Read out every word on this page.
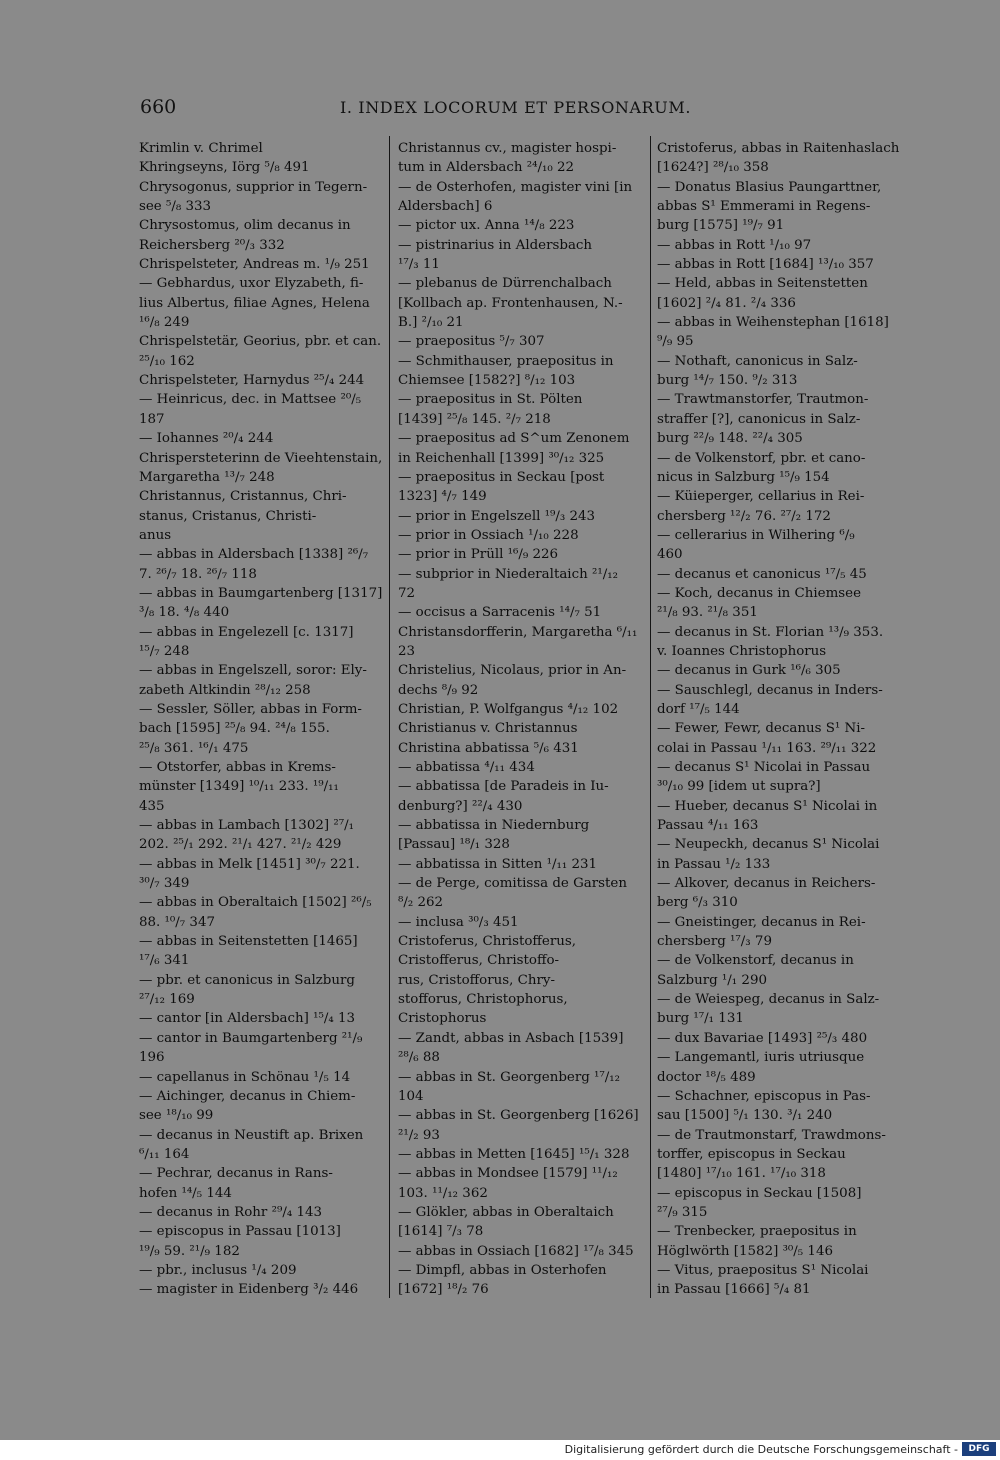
660	I. INDEX LOCORUM ET PERSONARUM.
Krimlin v. Chrimel
Khringseyns, Iörg ⁵/₈ 491
Chrysogonus, supprior in Tegern-
see ⁵/₈ 333
Chrysostomus, olim decanus in
Reichersberg ²⁰/₃ 332
Chrispelsteter, Andreas m. ¹/₉ 251
— Gebhardus, uxor Elyzabeth, fi-
lius Albertus, filiae Agnes, Helena
¹⁶/₈ 249
Chrispelstetär, Georius, pbr. et can.
²⁵/₁₀ 162
Chrispelsteter, Harnydus ²⁵/₄ 244
— Heinricus, dec. in Mattsee ²⁰/₅
187
— Iohannes ²⁰/₄ 244
Chrispersteterinn de Vieehtenstain,
Margaretha ¹³/₇ 248
Christannus, Cristannus, Chri-
stanus, Cristanus, Christi-
anus
— abbas in Aldersbach [1338] ²⁶/₇
7. ²⁶/₇ 18. ²⁶/₇ 118
— abbas in Baumgartenberg [1317]
³/₈ 18. ⁴/₈ 440
— abbas in Engelezell [c. 1317]
¹⁵/₇ 248
— abbas in Engelszell, soror: Ely-
zabeth Altkindin ²⁸/₁₂ 258
— Sessler, Söller, abbas in Form-
bach [1595] ²⁵/₈ 94. ²⁴/₈ 155.
²⁵/₈ 361. ¹⁶/₁ 475
— Otstorfer, abbas in Krems-
münster [1349] ¹⁰/₁₁ 233. ¹⁹/₁₁
435
— abbas in Lambach [1302] ²⁷/₁
202. ²⁵/₁ 292. ²¹/₁ 427. ²¹/₂ 429
— abbas in Melk [1451] ³⁰/₇ 221.
³⁰/₇ 349
— abbas in Oberaltaich [1502] ²⁶/₅
88. ¹⁰/₇ 347
— abbas in Seitenstetten [1465]
¹⁷/₆ 341
— pbr. et canonicus in Salzburg
²⁷/₁₂ 169
— cantor [in Aldersbach] ¹⁵/₄ 13
— cantor in Baumgartenberg ²¹/₉
196
— capellanus in Schönau ¹/₅ 14
— Aichinger, decanus in Chiem-
see ¹⁸/₁₀ 99
— decanus in Neustift ap. Brixen
⁶/₁₁ 164
— Pechrar, decanus in Rans-
hofen ¹⁴/₅ 144
— decanus in Rohr ²⁹/₄ 143
— episcopus in Passau [1013]
¹⁹/₉ 59. ²¹/₉ 182
— pbr., inclusus ¹/₄ 209
— magister in Eidenberg ³/₂ 446
Christannus cv., magister hospi-
tum in Aldersbach ²⁴/₁₀ 22
— de Osterhofen, magister vini [in
Aldersbach] 6
— pictor ux. Anna ¹⁴/₈ 223
— pistrinarius in Aldersbach
¹⁷/₃ 11
— plebanus de Dürrenchalbach
[Kollbach ap. Frontenhausen, N.-
B.] ²/₁₀ 21
— praepositus ⁵/₇ 307
— Schmithauser, praepositus in
Chiemsee [1582?] ⁸/₁₂ 103
— praepositus in St. Pölten
[1439] ²⁵/₈ 145. ²/₇ 218
— praepositus ad S^um Zenonem
in Reichenhall [1399] ³⁰/₁₂ 325
— praepositus in Seckau [post
1323] ⁴/₇ 149
— prior in Engelszell ¹⁹/₃ 243
— prior in Ossiach ¹/₁₀ 228
— prior in Prüll ¹⁶/₉ 226
— subprior in Niederaltaich ²¹/₁₂
72
— occisus a Sarracenis ¹⁴/₇ 51
Christansdorfferin, Margaretha ⁶/₁₁
23
Christelius, Nicolaus, prior in An-
dechs ⁸/₉ 92
Christian, P. Wolfgangus ⁴/₁₂ 102
Christianus v. Christannus
Christina abbatissa ⁵/₆ 431
— abbatissa ⁴/₁₁ 434
— abbatissa [de Paradeis in Iu-
denburg?] ²²/₄ 430
— abbatissa in Niedernburg
[Passau] ¹⁸/₁ 328
— abbatissa in Sitten ¹/₁₁ 231
— de Perge, comitissa de Garsten
⁸/₂ 262
— inclusa ³⁰/₃ 451
Cristoferus, Christofferus,
Cristofferus, Christoffo-
rus, Cristofforus, Chry-
stofforus, Christophorus,
Cristophorus
— Zandt, abbas in Asbach [1539]
²⁸/₆ 88
— abbas in St. Georgenberg ¹⁷/₁₂
104
— abbas in St. Georgenberg [1626]
²¹/₂ 93
— abbas in Metten [1645] ¹⁵/₁ 328
— abbas in Mondsee [1579] ¹¹/₁₂
103. ¹¹/₁₂ 362
— Glökler, abbas in Oberaltaich
[1614] ⁷/₃ 78
— abbas in Ossiach [1682] ¹⁷/₈ 345
— Dimpfl, abbas in Osterhofen
[1672] ¹⁸/₂ 76
Cristoferus, abbas in Raitenhaslach
[1624?] ²⁸/₁₀ 358
— Donatus Blasius Paungarttner,
abbas S¹ Emmerami in Regens-
burg [1575] ¹⁹/₇ 91
— abbas in Rott ¹/₁₀ 97
— abbas in Rott [1684] ¹³/₁₀ 357
— Held, abbas in Seitenstetten
[1602] ²/₄ 81. ²/₄ 336
— abbas in Weihenstephan [1618]
⁹/₉ 95
— Nothaft, canonicus in Salz-
burg ¹⁴/₇ 150. ⁹/₂ 313
— Trawtmanstorfer, Trautmon-
straffer [?], canonicus in Salz-
burg ²²/₉ 148. ²²/₄ 305
— de Volkenstorf, pbr. et cano-
nicus in Salzburg ¹⁵/₉ 154
— Küieperger, cellarius in Rei-
chersberg ¹²/₂ 76. ²⁷/₂ 172
— cellerarius in Wilhering ⁶/₉
460
— decanus et canonicus ¹⁷/₅ 45
— Koch, decanus in Chiemsee
²¹/₈ 93. ²¹/₈ 351
— decanus in St. Florian ¹³/₉ 353.
v. Ioannes Christophorus
— decanus in Gurk ¹⁶/₆ 305
— Sauschlegl, decanus in Inders-
dorf ¹⁷/₅ 144
— Fewer, Fewr, decanus S¹ Ni-
colai in Passau ¹/₁₁ 163. ²⁹/₁₁ 322
— decanus S¹ Nicolai in Passau
³⁰/₁₀ 99 [idem ut supra?]
— Hueber, decanus S¹ Nicolai in
Passau ⁴/₁₁ 163
— Neupeckh, decanus S¹ Nicolai
in Passau ¹/₂ 133
— Alkover, decanus in Reichers-
berg ⁶/₃ 310
— Gneistinger, decanus in Rei-
chersberg ¹⁷/₃ 79
— de Volkenstorf, decanus in
Salzburg ¹/₁ 290
— de Weiespeg, decanus in Salz-
burg ¹⁷/₁ 131
— dux Bavariae [1493] ²⁵/₃ 480
— Langemantl, iuris utriusque
doctor ¹⁸/₅ 489
— Schachner, episcopus in Pas-
sau [1500] ⁵/₁ 130. ³/₁ 240
— de Trautmonstarf, Trawdmons-
torffer, episcopus in Seckau
[1480] ¹⁷/₁₀ 161. ¹⁷/₁₀ 318
— episcopus in Seckau [1508]
²⁷/₉ 315
— Trenbecker, praepositus in
Höglwörth [1582] ³⁰/₅ 146
— Vitus, praepositus S¹ Nicolai
in Passau [1666] ⁵/₄ 81
Digitalisierung gefördert durch die Deutsche Forschungsgemeinschaft -	DFG
